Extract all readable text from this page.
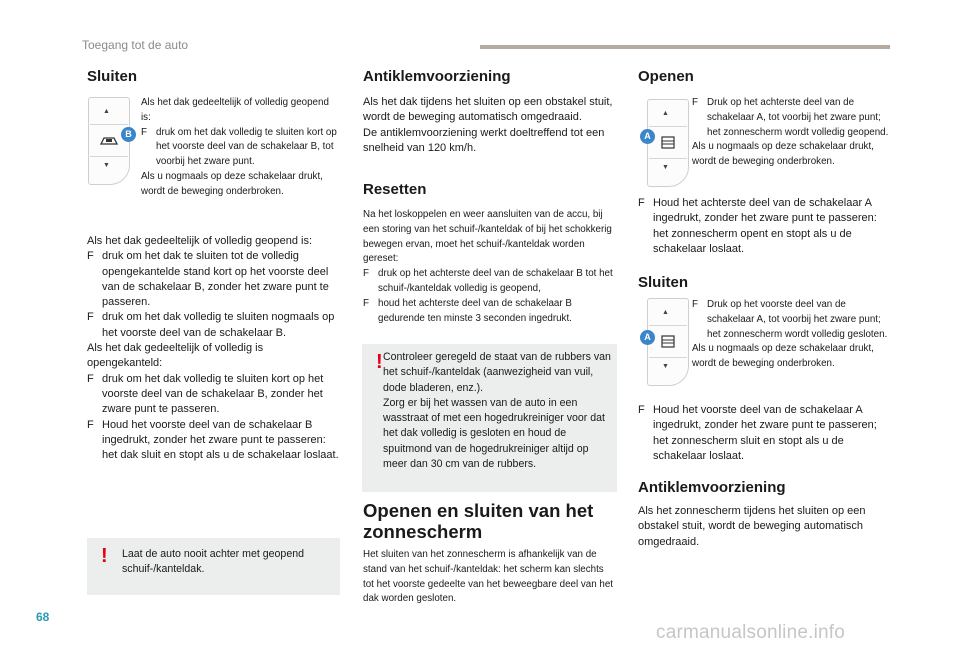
Toegang tot de auto
Sluiten
▲
▼
B

Als het dak gedeeltelijk of volledig geopend is:

F druk om het dak volledig te sluiten kort op het voorste deel van de schakelaar B, tot voorbij het zware punt.

Als u nogmaals op deze schakelaar drukt, wordt de beweging onderbroken.

Als het dak gedeeltelijk of volledig geopend is:

F druk om het dak te sluiten tot de volledig opengekantelde stand kort op het voorste deel van de schakelaar B, zonder het zware punt te passeren.

F druk om het dak volledig te sluiten nogmaals op het voorste deel van de schakelaar B.

Als het dak gedeeltelijk of volledig is opengekanteld:

F druk om het dak volledig te sluiten kort op het voorste deel van de schakelaar B, zonder het zware punt te passeren.

F Houd het voorste deel van de schakelaar B ingedrukt, zonder het zware punt te passeren: het dak sluit en stopt als u de schakelaar loslaat.

! Laat de auto nooit achter met geopend schuif-/kanteldak.
Antiklemvoorziening

Als het dak tijdens het sluiten op een obstakel stuit, wordt de beweging automatisch omgedraaid.

De antiklemvoorziening werkt doeltreffend tot een snelheid van 120 km/h.

Resetten

Na het loskoppelen en weer aansluiten van de accu, bij een storing van het schuif-/kanteldak of bij het schokkerig bewegen ervan, moet het schuif-/kanteldak worden gereset:

F druk op het achterste deel van de schakelaar B tot het schuif-/kanteldak volledig is geopend,

F houd het achterste deel van de schakelaar B gedurende ten minste 3 seconden ingedrukt.

! Controleer geregeld de staat van de rubbers van het schuif-/kanteldak (aanwezigheid van vuil, dode bladeren, enz.).
Zorg er bij het wassen van de auto in een wasstraat of met een hogedrukreiniger voor dat het dak volledig is gesloten en houd de spuitmond van de hogedrukreiniger altijd op meer dan 30 cm van de rubbers.
Openen en sluiten van het zonnescherm
Het sluiten van het zonnescherm is afhankelijk van de stand van het schuif-/kanteldak: het scherm kan slechts tot het voorste gedeelte van het beweegbare deel van het dak worden gesloten.
Openen
▲
▼
A

F Druk op het achterste deel van de schakelaar A, tot voorbij het zware punt; het zonnescherm wordt volledig geopend.

Als u nogmaals op deze schakelaar drukt, wordt de beweging onderbroken.

F Houd het achterste deel van de schakelaar A ingedrukt, zonder het zware punt te passeren: het zonnescherm opent en stopt als u de schakelaar loslaat.

Sluiten
▲
▼
A

F Druk op het voorste deel van de schakelaar A, tot voorbij het zware punt; het zonnescherm wordt volledig gesloten.

Als u nogmaals op deze schakelaar drukt, wordt de beweging onderbroken.

F Houd het voorste deel van de schakelaar A ingedrukt, zonder het zware punt te passeren; het zonnescherm sluit en stopt als u de schakelaar loslaat.

Antiklemvoorziening
Als het zonnescherm tijdens het sluiten op een obstakel stuit, wordt de beweging automatisch omgedraaid.
68
carmanualsonline.info
